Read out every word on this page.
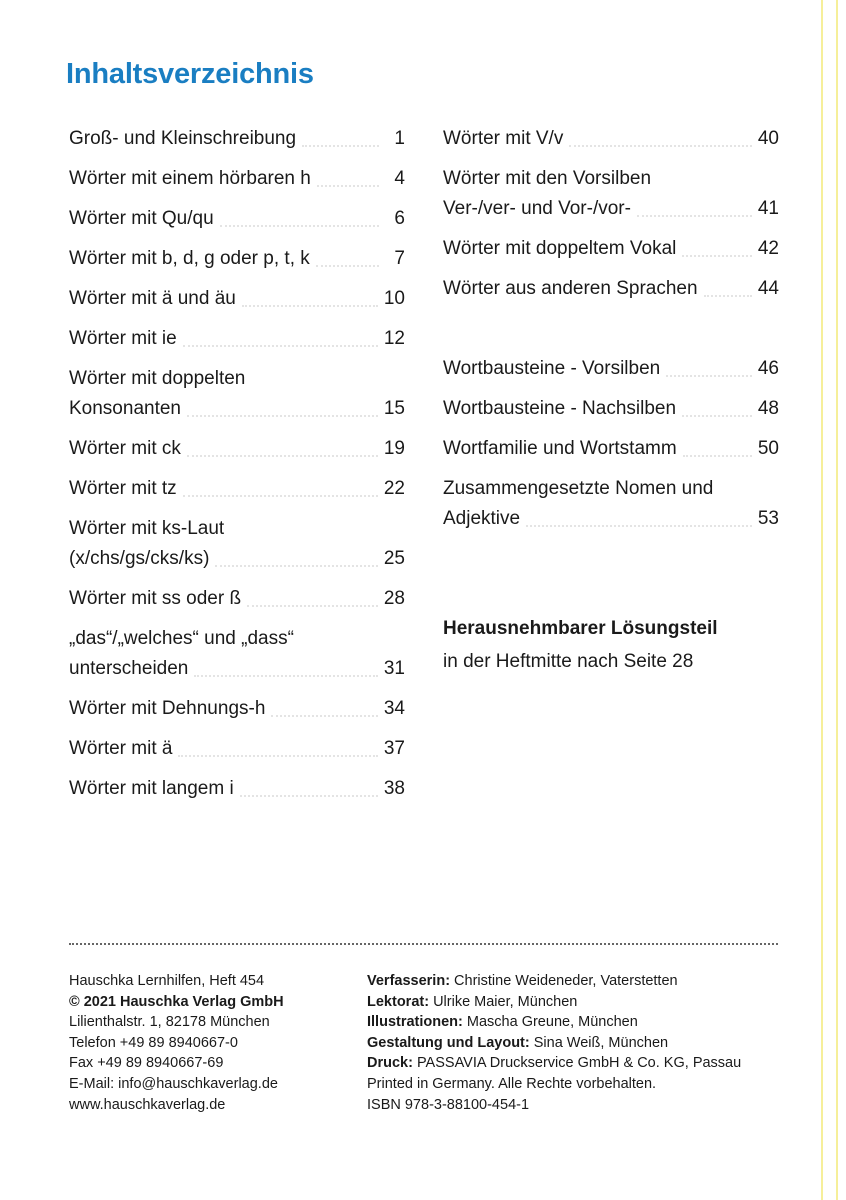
Inhaltsverzeichnis
Groß- und Kleinschreibung	1
Wörter mit einem hörbaren h	4
Wörter mit Qu/qu	6
Wörter mit b, d, g oder p, t, k	7
Wörter mit ä und äu	10
Wörter mit ie	12
Wörter mit doppelten
Konsonanten	15
Wörter mit ck	19
Wörter mit tz	22
Wörter mit ks-Laut
(x/chs/gs/cks/ks)	25
Wörter mit ss oder ß	28
„das“/„welches“ und „dass“
unterscheiden	31
Wörter mit Dehnungs-h	34
Wörter mit ä	37
Wörter mit langem i	38
Wörter mit V/v	40
Wörter mit den Vorsilben
Ver-/ver- und Vor-/vor-	41
Wörter mit doppeltem Vokal	42
Wörter aus anderen Sprachen	44
Wortbausteine - Vorsilben	46
Wortbausteine - Nachsilben	48
Wortfamilie und Wortstamm	50
Zusammengesetzte Nomen und
Adjektive	53
Herausnehmbarer Lösungsteil
in der Heftmitte nach Seite 28
Hauschka Lernhilfen, Heft 454
© 2021 Hauschka Verlag GmbH
Lilienthalstr. 1, 82178 München
Telefon +49 89 8940667-0
Fax +49 89 8940667-69
E-Mail: info@hauschkaverlag.de
www.hauschkaverlag.de
Verfasserin: Christine Weideneder, Vaterstetten
Lektorat: Ulrike Maier, München
Illustrationen: Mascha Greune, München
Gestaltung und Layout: Sina Weiß, München
Druck: PASSAVIA Druckservice GmbH & Co. KG, Passau
Printed in Germany. Alle Rechte vorbehalten.
ISBN 978-3-88100-454-1
